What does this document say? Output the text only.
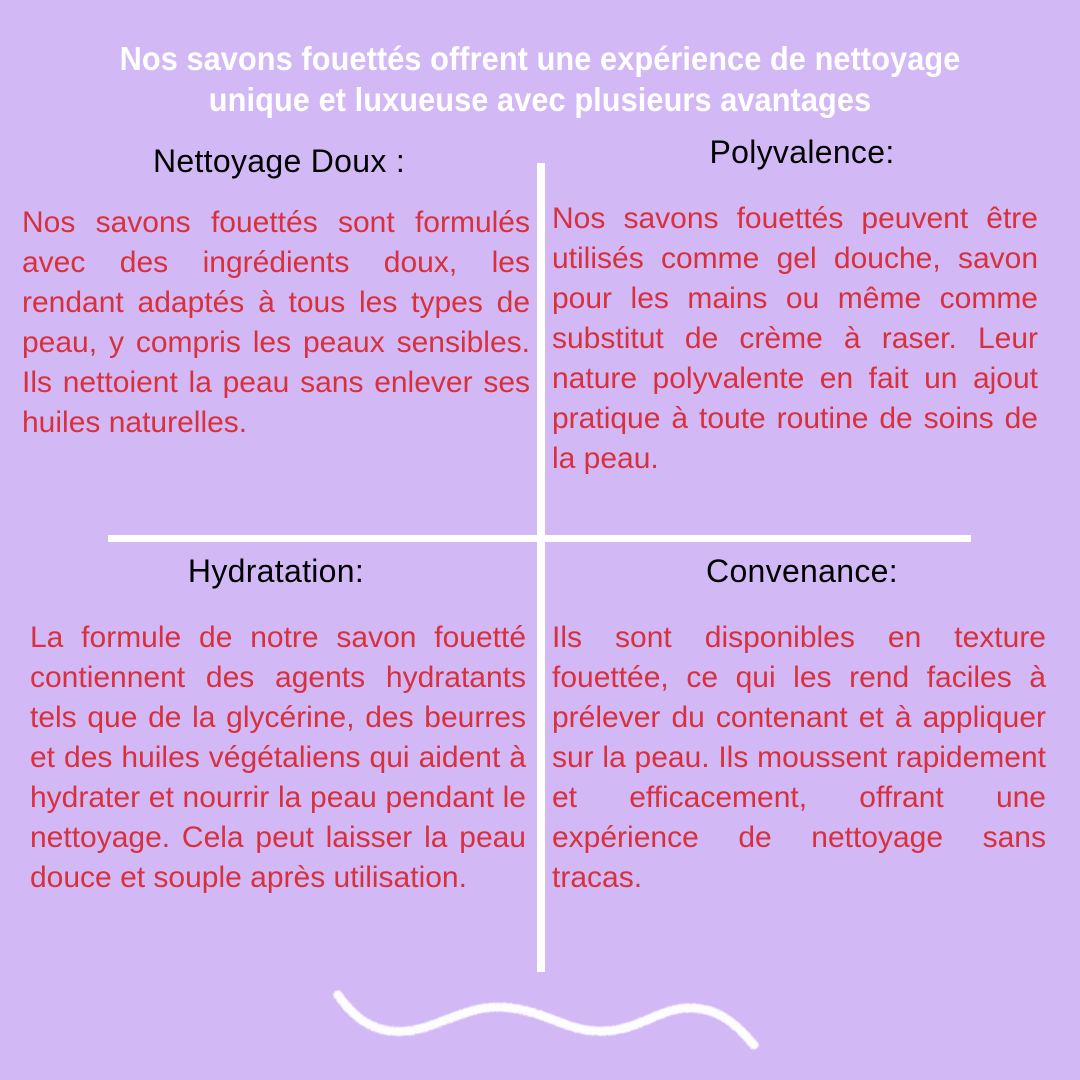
Nos savons fouettés offrent une expérience de nettoyage
unique et luxueuse avec plusieurs avantages
Nettoyage Doux :

Nos savons fouettés sont formulés avec des ingrédients doux, les rendant adaptés à tous les types de peau, y compris les peaux sensibles. Ils nettoient la peau sans enlever ses huiles naturelles.

Polyvalence:

Nos savons fouettés peuvent être utilisés comme gel douche, savon pour les mains ou même comme substitut de crème à raser. Leur nature polyvalente en fait un ajout pratique à toute routine de soins de la peau.

Hydratation:

La formule de notre savon fouetté contiennent des agents hydratants tels que de la glycérine, des beurres et des huiles végétaliens qui aident à hydrater et nourrir la peau pendant le nettoyage. Cela peut laisser la peau douce et souple après utilisation.

Convenance:

Ils sont disponibles en texture fouettée, ce qui les rend faciles à prélever du contenant et à appliquer sur la peau. Ils moussent rapidement et efficacement, offrant une expérience de nettoyage sans tracas.
